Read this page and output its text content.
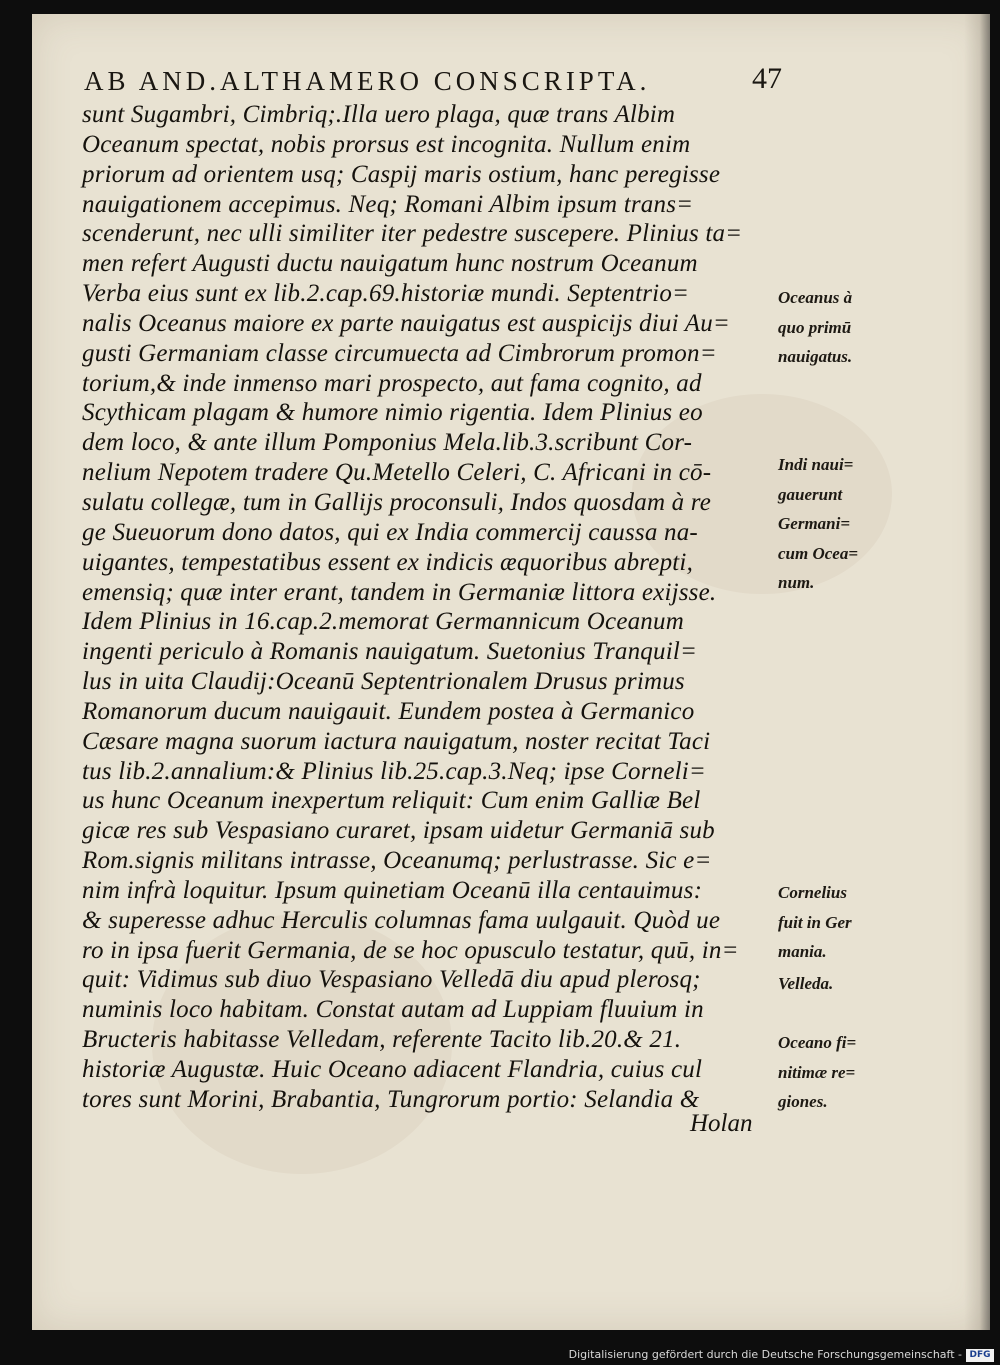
AB AND.ALTHAMERO CONSCRIPTA.	47
sunt Sugambri, Cimbriq;.Illa uero plaga, quæ trans Albim
Oceanum spectat, nobis prorsus est incognita. Nullum enim
priorum ad orientem usq; Caspij maris ostium, hanc peregisse
nauigationem accepimus. Neq; Romani Albim ipsum trans=
scenderunt, nec ulli similiter iter pedestre suscepere. Plinius ta=
men refert Augusti ductu nauigatum hunc nostrum Oceanum
Verba eius sunt ex lib.2.cap.69.historiæ mundi. Septentrio=
nalis Oceanus maiore ex parte nauigatus est auspicijs diui Au=
gusti Germaniam classe circumuecta ad Cimbrorum promon=
torium,& inde inmenso mari prospecto, aut fama cognito, ad
Scythicam plagam & humore nimio rigentia. Idem Plinius eo
dem loco, & ante illum Pomponius Mela.lib.3.scribunt Cor-
nelium Nepotem tradere Qu.Metello Celeri, C. Africani in cō-
sulatu collegæ, tum in Gallijs proconsuli, Indos quosdam à re
ge Sueuorum dono datos, qui ex India commercij caussa na-
uigantes, tempestatibus essent ex indicis æquoribus abrepti,
emensiq; quæ inter erant, tandem in Germaniæ littora exijsse.
Idem Plinius in 16.cap.2.memorat Germannicum Oceanum
ingenti periculo à Romanis nauigatum. Suetonius Tranquil=
lus in uita Claudij:Oceanū Septentrionalem Drusus primus
Romanorum ducum nauigauit. Eundem postea à Germanico
Cæsare magna suorum iactura nauigatum, noster recitat Taci
tus lib.2.annalium:& Plinius lib.25.cap.3.Neq; ipse Corneli=
us hunc Oceanum inexpertum reliquit: Cum enim Galliæ Bel
gicæ res sub Vespasiano curaret, ipsam uidetur Germaniā sub
Rom.signis militans intrasse, Oceanumq; perlustrasse. Sic e=
nim infrà loquitur. Ipsum quinetiam Oceanū illa centauimus:
& superesse adhuc Herculis columnas fama uulgauit. Quòd ue
ro in ipsa fuerit Germania, de se hoc opusculo testatur, quū, in=
quit: Vidimus sub diuo Vespasiano Velledā diu apud plerosq;
numinis loco habitam. Constat autam ad Luppiam fluuium in
Bructeris habitasse Velledam, referente Tacito lib.20.& 21.
historiæ Augustæ. Huic Oceano adiacent Flandria, cuius cul
tores sunt Morini, Brabantia, Tungrorum portio: Selandia &
Holan
Oceanus à
quo primū
nauigatus.
Indi naui=
gauerunt
Germani=
cum Ocea=
num.
Cornelius
fuit in Ger
mania.
Velleda.
Oceano fi=
nitimæ re=
giones.
Digitalisierung gefördert durch die Deutsche Forschungsgemeinschaft - DFG
